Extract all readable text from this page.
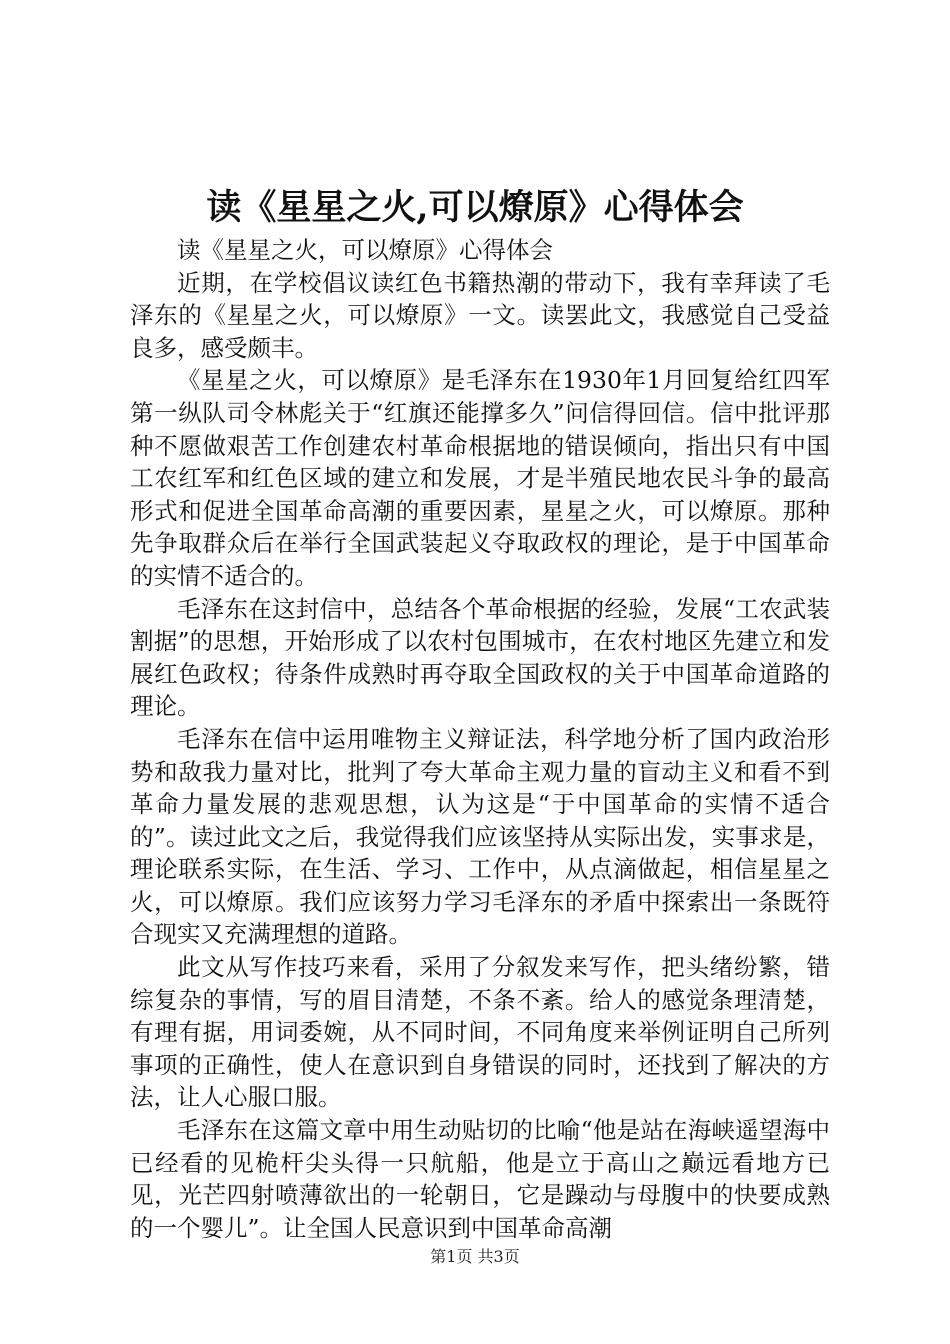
读《星星之火,可以燎原》心得体会

读《星星之火，可以燎原》心得体会

近期，在学校倡议读红色书籍热潮的带动下，我有幸拜读了毛泽东的《星星之火，可以燎原》一文。读罢此文，我感觉自己受益良多，感受颇丰。

《星星之火，可以燎原》是毛泽东在1930年1月回复给红四军第一纵队司令林彪关于“红旗还能撑多久”问信得回信。信中批评那种不愿做艰苦工作创建农村革命根据地的错误倾向，指出只有中国工农红军和红色区域的建立和发展，才是半殖民地农民斗争的最高形式和促进全国革命高潮的重要因素，星星之火，可以燎原。那种先争取群众后在举行全国武装起义夺取政权的理论，是于中国革命的实情不适合的。

毛泽东在这封信中，总结各个革命根据的经验，发展“工农武装割据”的思想，开始形成了以农村包围城市，在农村地区先建立和发展红色政权；待条件成熟时再夺取全国政权的关于中国革命道路的理论。

毛泽东在信中运用唯物主义辩证法，科学地分析了国内政治形势和敌我力量对比，批判了夸大革命主观力量的盲动主义和看不到革命力量发展的悲观思想，认为这是“于中国革命的实情不适合的”。读过此文之后，我觉得我们应该坚持从实际出发，实事求是，理论联系实际，在生活、学习、工作中，从点滴做起，相信星星之火，可以燎原。我们应该努力学习毛泽东的矛盾中探索出一条既符合现实又充满理想的道路。

此文从写作技巧来看，采用了分叙发来写作，把头绪纷繁，错综复杂的事情，写的眉目清楚，不条不紊。给人的感觉条理清楚，有理有据，用词委婉，从不同时间，不同角度来举例证明自己所列事项的正确性，使人在意识到自身错误的同时，还找到了解决的方法，让人心服口服。

毛泽东在这篇文章中用生动贴切的比喻“他是站在海峡遥望海中已经看的见桅杆尖头得一只航船，他是立于高山之巅远看地方已见，光芒四射喷薄欲出的一轮朝日，它是躁动与母腹中的快要成熟的一个婴儿”。让全国人民意识到中国革命高潮

第1页 共3页
